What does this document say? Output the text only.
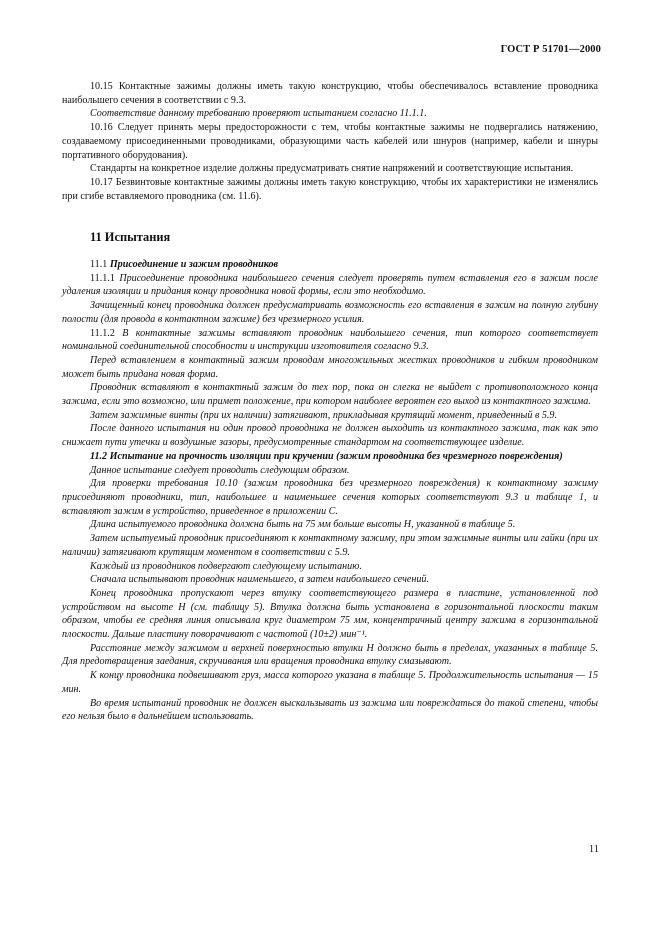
ГОСТ Р 51701—2000

10.15 Контактные зажимы должны иметь такую конструкцию, чтобы обеспечивалось вставление проводника наибольшего сечения в соответствии с 9.3.

Соответствие данному требованию проверяют испытанием согласно 11.1.1.

10.16 Следует принять меры предосторожности с тем, чтобы контактные зажимы не подвергались натяжению, создаваемому присоединенными проводниками, образующими часть кабелей или шнуров (например, кабели и шнуры портативного оборудования).

Стандарты на конкретное изделие должны предусматривать снятие напряжений и соответствующие испытания.

10.17 Безвинтовые контактные зажимы должны иметь такую конструкцию, чтобы их характеристики не изменялись при сгибе вставляемого проводника (см. 11.6).

11 Испытания

11.1 Присоединение и зажим проводников

11.1.1 Присоединение проводника наибольшего сечения следует проверять путем вставления его в зажим после удаления изоляции и придания концу проводника новой формы, если это необходимо.

Зачищенный конец проводника должен предусматривать возможность его вставления в зажим на полную глубину полости (для провода в контактном зажиме) без чрезмерного усилия.

11.1.2 В контактные зажимы вставляют проводник наибольшего сечения, тип которого соответствует номинальной соединительной способности и инструкции изготовителя согласно 9.3.

Перед вставлением в контактный зажим проводам многожильных жестких проводников и гибким проводником может быть придана новая форма.

Проводник вставляют в контактный зажим до тех пор, пока он слегка не выйдет с противоположного конца зажима, если это возможно, или примет положение, при котором наиболее вероятен его выход из контактного зажима.

Затем зажимные винты (при их наличии) затягивают, прикладывая крутящий момент, приведенный в 5.9.

После данного испытания ни один провод проводника не должен выходить из контактного зажима, так как это снижает пути утечки и воздушные зазоры, предусмотренные стандартом на соответствующее изделие.

11.2 Испытание на прочность изоляции при кручении (зажим проводника без чрезмерного повреждения)

Данное испытание следует проводить следующим образом.

Для проверки требования 10.10 (зажим проводника без чрезмерного повреждения) к контактному зажиму присоединяют проводники, тип, наибольшее и наименьшее сечения которых соответствуют 9.3 и таблице 1, и вставляют зажим в устройство, приведенное в приложении С.

Длина испытуемого проводника должна быть на 75 мм больше высоты Н, указанной в таблице 5.

Затем испытуемый проводник присоединяют к контактному зажиму, при этом зажимные винты или гайки (при их наличии) затягивают крутящим моментом в соответствии с 5.9.

Каждый из проводников подвергают следующему испытанию.

Сначала испытывают проводник наименьшего, а затем наибольшего сечений.

Конец проводника пропускают через втулку соответствующего размера в пластине, установленной под устройством на высоте Н (см. таблицу 5). Втулка должна быть установлена в горизонтальной плоскости таким образом, чтобы ее средняя линия описывала круг диаметром 75 мм, концентричный центру зажима в горизонтальной плоскости. Дальше пластину поворачивают с частотой (10±2) мин⁻¹.

Расстояние между зажимом и верхней поверхностью втулки Н должно быть в пределах, указанных в таблице 5. Для предотвращения заедания, скручивания или вращения проводника втулку смазывают.

К концу проводника подвешивают груз, масса которого указана в таблице 5. Продолжительность испытания — 15 мин.

Во время испытаний проводник не должен выскальзывать из зажима или повреждаться до такой степени, чтобы его нельзя было в дальнейшем использовать.

11
